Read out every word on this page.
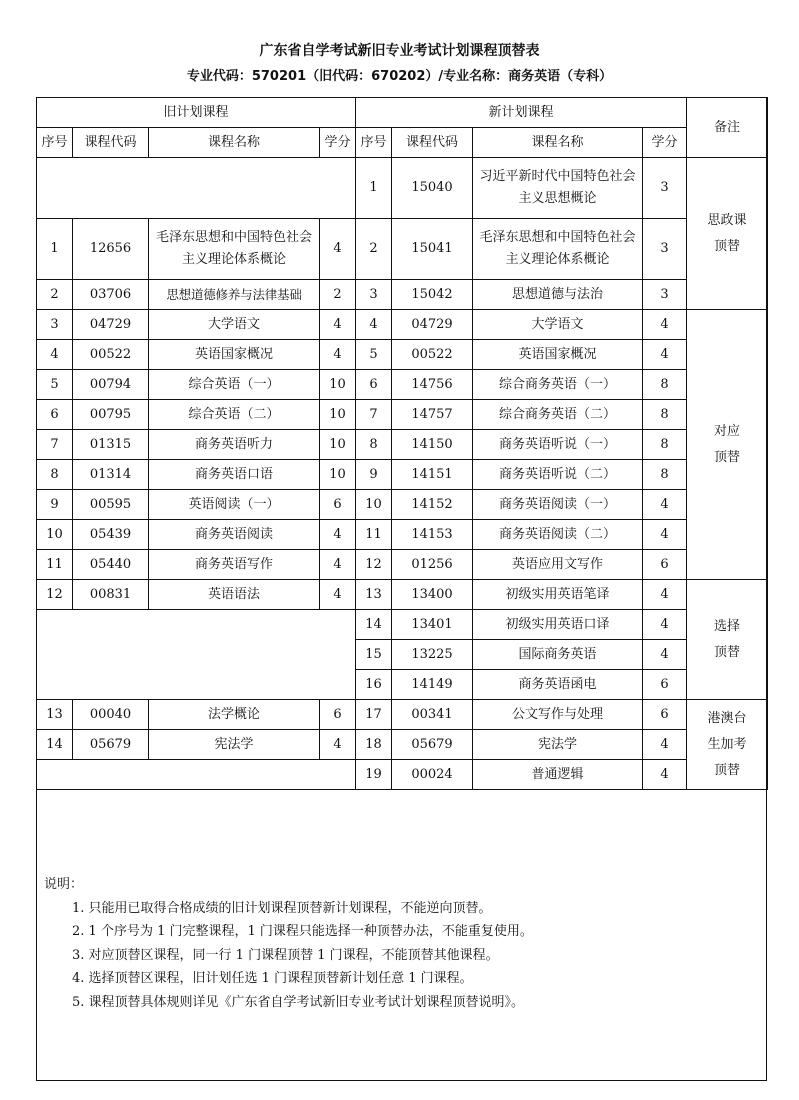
广东省自学考试新旧专业考试计划课程顶替表
专业代码：570201（旧代码：670202）/专业名称：商务英语（专科）
旧计划课程				新计划课程				备注
序号	课程代码	课程名称	学分	序号	课程代码	课程名称	学分	
				1	15040	习近平新时代中国特色社会主义思想概论	3	思政课
顶替

1	12656	毛泽东思想和中国特色社会主义理论体系概论	4	2	15041	毛泽东思想和中国特色社会主义理论体系概论	3	
2	03706	思想道德修养与法律基础	2	3	15042	思想道德与法治	3	
3	04729	大学语文	4	4	04729	大学语文	4	对应
顶替

4	00522	英语国家概况	4	5	00522	英语国家概况	4	
5	00794	综合英语（一）	10	6	14756	综合商务英语（一）	8	
6	00795	综合英语（二）	10	7	14757	综合商务英语（二）	8	
7	01315	商务英语听力	10	8	14150	商务英语听说（一）	8	
8	01314	商务英语口语	10	9	14151	商务英语听说（二）	8	
9	00595	英语阅读（一）	6	10	14152	商务英语阅读（一）	4	
10	05439	商务英语阅读	4	11	14153	商务英语阅读（二）	4	
11	05440	商务英语写作	4	12	01256	英语应用文写作	6	
12	00831	英语语法	4	13	13400	初级实用英语笔译	4	选择
顶替

				14	13401	初级实用英语口译	4	
				15	13225	国际商务英语	4	
				16	14149	商务英语函电	6	
13	00040	法学概论	6	17	00341	公文写作与处理	6	港澳台
生加考
顶替

14	05679	宪法学	4	18	05679	宪法学	4	
				19	00024	普通逻辑	4	
说明：
1. 只能用已取得合格成绩的旧计划课程顶替新计划课程，不能逆向顶替。
2. 1 个序号为 1 门完整课程，1 门课程只能选择一种顶替办法，不能重复使用。
3. 对应顶替区课程，同一行 1 门课程顶替 1 门课程，不能顶替其他课程。
4. 选择顶替区课程，旧计划任选 1 门课程顶替新计划任意 1 门课程。
5. 课程顶替具体规则详见《广东省自学考试新旧专业考试计划课程顶替说明》。
